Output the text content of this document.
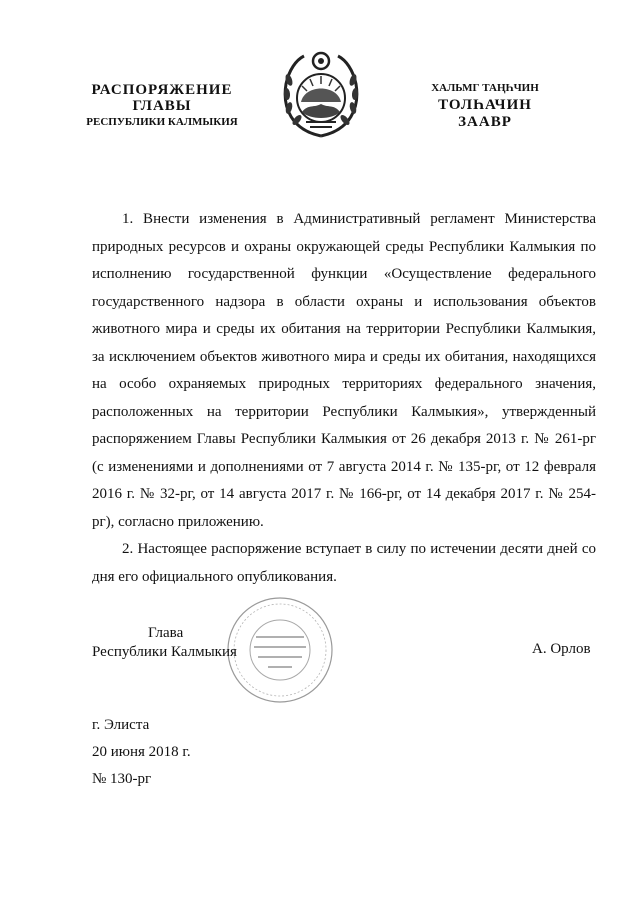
РАСПОРЯЖЕНИЕ
ГЛАВЫ
РЕСПУБЛИКИ КАЛМЫКИЯ
ХАЛЬМГ ТАҢҺЧИН
ТОЛҺАЧИН
ЗААВР

1. Внести изменения в Административный регламент Министерства природных ресурсов и охраны окружающей среды Республики Калмыкия по исполнению государственной функции «Осуществление федерального государственного надзора в области охраны и использования объектов животного мира и среды их обитания на территории Республики Калмыкия, за исключением объектов животного мира и среды их обитания, находящихся на особо охраняемых природных территориях федерального значения, расположенных на территории Республики Калмыкия», утвержденный распоряжением Главы Республики Калмыкия от 26 декабря 2013 г. № 261-рг (с изменениями и дополнениями от 7 августа 2014 г. № 135-рг, от 12 февраля 2016 г. № 32-рг, от 14 августа 2017 г. № 166-рг, от 14 декабря 2017 г. № 254-рг), согласно приложению.

2. Настоящее распоряжение вступает в силу по истечении десяти дней со дня его официального опубликования.

Глава
Республики Калмыкия	А. Орлов
г. Элиста
20 июня 2018 г.
№ 130-рг
